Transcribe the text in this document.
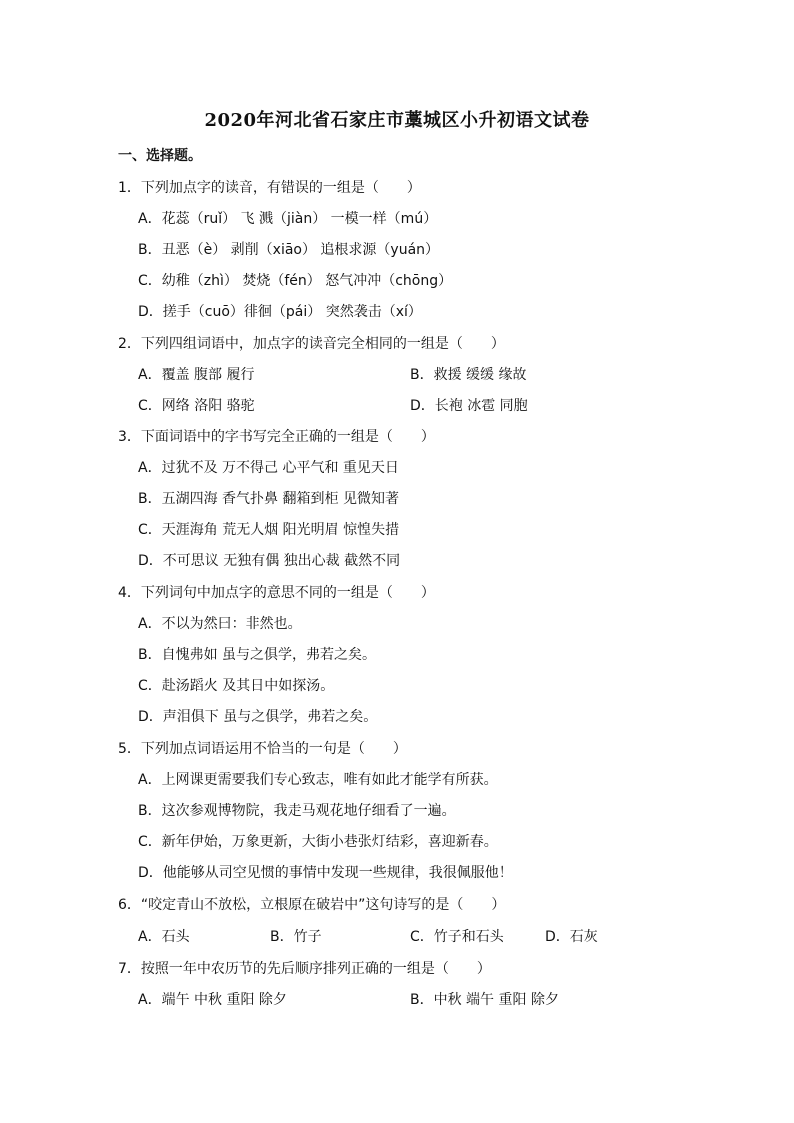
2020年河北省石家庄市藁城区小升初语文试卷
一、选择题。
1．下列加点字的读音，有错误的一组是（　　）
A．花蕊（ruǐ） 飞 溅（jiàn） 一模一样（mú）
B．丑恶（è） 剥削（xiāo） 追根求源（yuán）
C．幼稚（zhì） 焚烧（fén） 怒气冲冲（chōng）
D．搓手（cuō）徘徊（pái） 突然袭击（xí）
2．下列四组词语中，加点字的读音完全相同的一组是（　　）
A．覆盖 腹部 履行	B．救援 缓缓 缘故
C．网络 洛阳 骆驼	D．长袍 冰雹 同胞
3．下面词语中的字书写完全正确的一组是（　　）
A．过犹不及 万不得己 心平气和 重见天日
B．五湖四海 香气扑鼻 翻箱到柜 见微知著
C．天涯海角 荒无人烟 阳光明眉 惊惶失措
D．不可思议 无独有偶 独出心裁 截然不同
4．下列词句中加点字的意思不同的一组是（　　）
A．不以为然曰：非然也。
B．自愧弗如 虽与之俱学，弗若之矣。
C．赴汤蹈火 及其日中如探汤。
D．声泪俱下 虽与之俱学，弗若之矣。
5．下列加点词语运用不恰当的一句是（　　）
A．上网课更需要我们专心致志，唯有如此才能学有所获。
B．这次参观博物院，我走马观花地仔细看了一遍。
C．新年伊始，万象更新，大街小巷张灯结彩，喜迎新春。
D．他能够从司空见惯的事情中发现一些规律，我很佩服他！
6．“咬定青山不放松，立根原在破岩中”这句诗写的是（　　）
A．石头	B．竹子	C．竹子和石头	D．石灰
7．按照一年中农历节的先后顺序排列正确的一组是（　　）
A．端午 中秋 重阳 除夕	B．中秋 端午 重阳 除夕
